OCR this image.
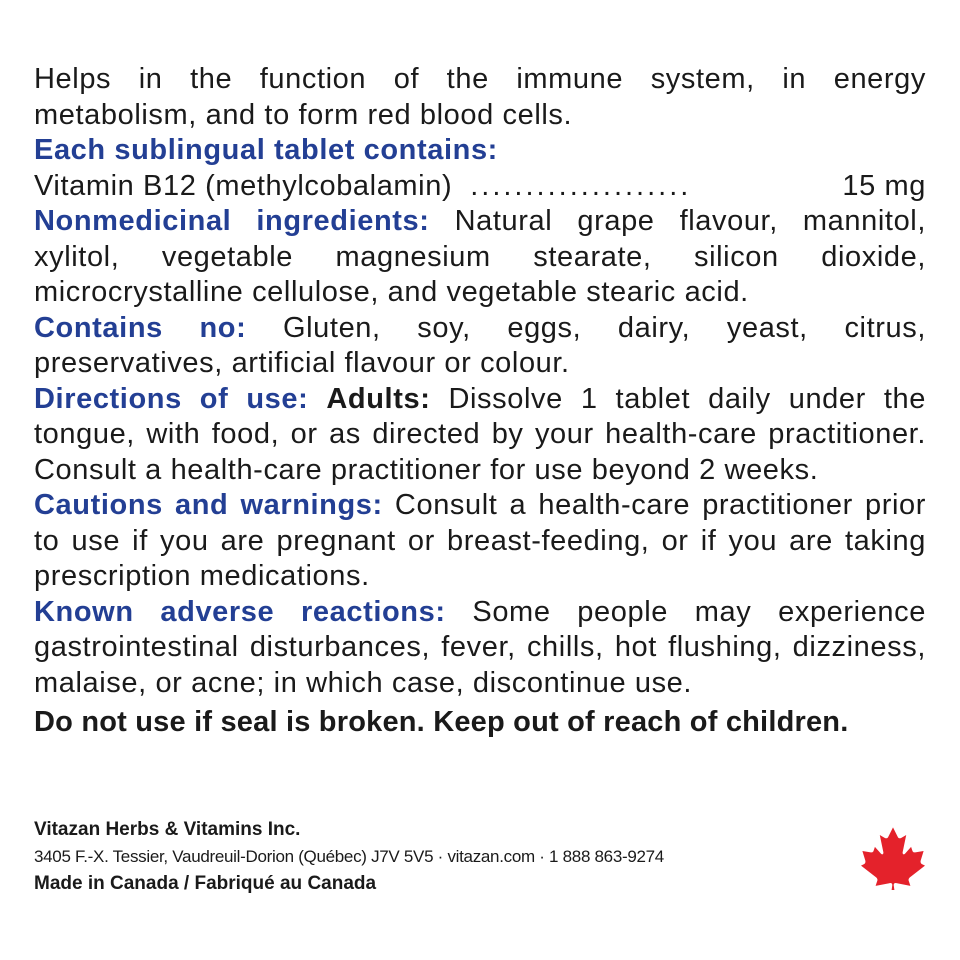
Helps in the function of the immune system, in energy metabolism, and to form red blood cells.

Each sublingual tablet contains:

Vitamin B12 (methylcobalamin) ....................	15 mg

Nonmedicinal ingredients: Natural grape flavour, mannitol, xylitol, vegetable magnesium stearate, silicon dioxide, microcrystalline cellulose, and vegetable stearic acid.

Contains no: Gluten, soy, eggs, dairy, yeast, citrus, preservatives, artificial flavour or colour.

Directions of use: Adults: Dissolve 1 tablet daily under the tongue, with food, or as directed by your health-care practitioner. Consult a health-care practitioner for use beyond 2 weeks.

Cautions and warnings: Consult a health-care practitioner prior to use if you are pregnant or breast-feeding, or if you are taking prescription medications.

Known adverse reactions: Some people may experience gastrointestinal disturbances, fever, chills, hot flushing, dizziness, malaise, or acne; in which case, discontinue use.

Do not use if seal is broken. Keep out of reach of children.

Vitazan Herbs & Vitamins Inc.
3405 F.-X. Tessier, Vaudreuil-Dorion (Québec) J7V 5V5 · vitazan.com · 1 888 863-9274
Made in Canada / Fabriqué au Canada
